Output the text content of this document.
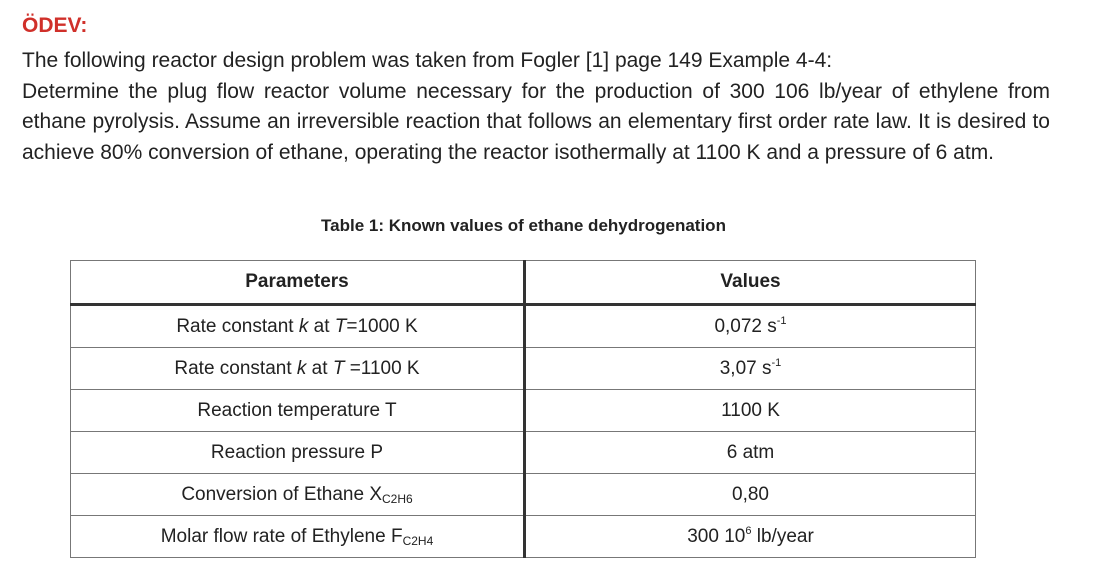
ÖDEV:

The following reactor design problem was taken from Fogler [1] page 149 Example 4-4:

Determine the plug flow reactor volume necessary for the production of 300 106 lb/year of ethylene from ethane pyrolysis. Assume an irreversible reaction that follows an elementary first order rate law. It is desired to achieve 80% conversion of ethane, operating the reactor isothermally at 1100 K and a pressure of 6 atm.

Table 1: Known values of ethane dehydrogenation
Parameters	Values
Rate constant k at T=1000 K	0,072 $s^{-1}$
Rate constant k at T =1100 K	3,07 $s^{-1}$
Reaction temperature T	1100 K
Reaction pressure P	6 atm
Conversion of Ethane $X_{C2H6}$	0,80
Molar flow rate of Ethylene $F_{C2H4}$	300 $10^6$ lb/year
